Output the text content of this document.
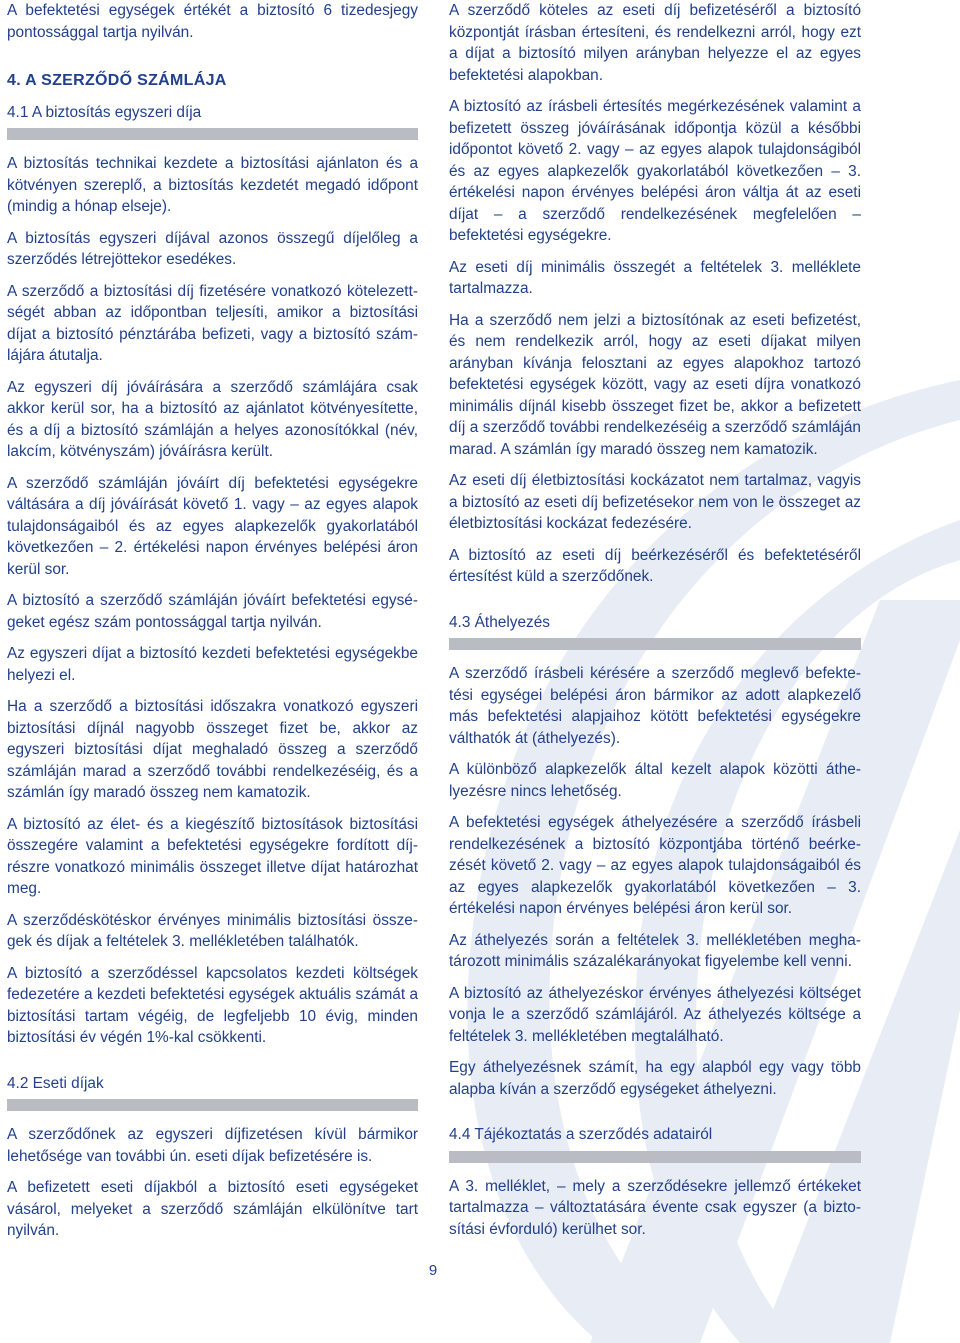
A befektetési egységek értékét a biztosító 6 tizedesjegy pontossággal tartja nyilván.

4. A SZERZŐDŐ SZÁMLÁJA
4.1 A biztosítás egyszeri díja

A biztosítás technikai kezdete a biztosítási ajánlaton és a kötvényen szereplő, a biztosítás kezdetét megadó időpont (mindig a hónap elseje).

A biztosítás egyszeri díjával azonos összegű díjelőleg a szerződés létrejöttekor esedékes.

A szerződő a biztosítási díj fizetésére vonatkozó kötelezettségét abban az időpontban teljesíti, amikor a biztosítási díjat a biztosító pénztárába befizeti, vagy a biztosító számlájára átutalja.

Az egyszeri díj jóváírására a szerződő számlájára csak akkor kerül sor, ha a biztosító az ajánlatot kötvényesítette, és a díj a biztosító számláján a helyes azonosítókkal (név, lakcím, kötvényszám) jóváírásra került.

A szerződő számláján jóváírt díj befektetési egységekre váltására a díj jóváírását követő 1. vagy – az egyes alapok tulajdonságaiból és az egyes alapkezelők gyakorlatából következően – 2. értékelési napon érvényes belépési áron kerül sor.

A biztosító a szerződő számláján jóváírt befektetési egységeket egész szám pontossággal tartja nyilván.

Az egyszeri díjat a biztosító kezdeti befektetési egységekbe helyezi el.

Ha a szerződő a biztosítási időszakra vonatkozó egyszeri biztosítási díjnál nagyobb összeget fizet be, akkor az egyszeri biztosítási díjat meghaladó összeg a szerződő számláján marad a szerződő további rendelkezéséig, és a számlán így maradó összeg nem kamatozik.

A biztosító az élet- és a kiegészítő biztosítások biztosítási összegére valamint a befektetési egységekre fordított díjrészre vonatkozó minimális összeget illetve díjat határozhat meg.

A szerződéskötéskor érvényes minimális biztosítási összegek és díjak a feltételek 3. mellékletében találhatók.

A biztosító a szerződéssel kapcsolatos kezdeti költségek fedezetére a kezdeti befektetési egységek aktuális számát a biztosítási tartam végéig, de legfeljebb 10 évig, minden biztosítási év végén 1%-kal csökkenti.

4.2 Eseti díjak

A szerződőnek az egyszeri díjfizetésen kívül bármikor lehetősége van további ún. eseti díjak befizetésére is.

A befizetett eseti díjakból a biztosító eseti egységeket vásárol, melyeket a szerződő számláján elkülönítve tart nyilván.

A szerződő köteles az eseti díj befizetéséről a biztosító központját írásban értesíteni, és rendelkezni arról, hogy ezt a díjat a biztosító milyen arányban helyezze el az egyes befektetési alapokban.

A biztosító az írásbeli értesítés megérkezésének valamint a befizetett összeg jóváírásának időpontja közül a későbbi időpontot követő 2. vagy – az egyes alapok tulajdonságiból és az egyes alapkezelők gyakorlatából következően – 3. értékelési napon érvényes belépési áron váltja át az eseti díjat – a szerződő rendelkezésének megfelelően – befektetési egységekre.

Az eseti díj minimális összegét a feltételek 3. melléklete tartalmazza.

Ha a szerződő nem jelzi a biztosítónak az eseti befizetést, és nem rendelkezik arról, hogy az eseti díjakat milyen arányban kívánja felosztani az egyes alapokhoz tartozó befektetési egységek között, vagy az eseti díjra vonatkozó minimális díjnál kisebb összeget fizet be, akkor a befizetett díj a szerződő további rendelkezéséig a szerződő számláján marad. A számlán így maradó összeg nem kamatozik.

Az eseti díj életbiztosítási kockázatot nem tartalmaz, vagyis a biztosító az eseti díj befizetésekor nem von le összeget az életbiztosítási kockázat fedezésére.

A biztosító az eseti díj beérkezéséről és befektetéséről értesítést küld a szerződőnek.

4.3 Áthelyezés

A szerződő írásbeli kérésére a szerződő meglevő befektetési egységei belépési áron bármikor az adott alapkezelő más befektetési alapjaihoz kötött befektetési egységekre válthatók át (áthelyezés).

A különböző alapkezelők által kezelt alapok közötti áthelyezésre nincs lehetőség.

A befektetési egységek áthelyezésére a szerződő írásbeli rendelkezésének a biztosító központjába történő beérkezését követő 2. vagy – az egyes alapok tulajdonságaiból és az egyes alapkezelők gyakorlatából következően – 3. értékelési napon érvényes belépési áron kerül sor.

Az áthelyezés során a feltételek 3. mellékletében meghatározott minimális százalékarányokat figyelembe kell venni.

A biztosító az áthelyezéskor érvényes áthelyezési költséget vonja le a szerződő számlájáról. Az áthelyezés költsége a feltételek 3. mellékletében megtalálható.

Egy áthelyezésnek számít, ha egy alapból egy vagy több alapba kíván a szerződő egységeket áthelyezni.

4.4 Tájékoztatás a szerződés adatairól

A 3. melléklet, – mely a szerződésekre jellemző értékeket tartalmazza – változtatására évente csak egyszer (a biztosítási évforduló) kerülhet sor.

9
